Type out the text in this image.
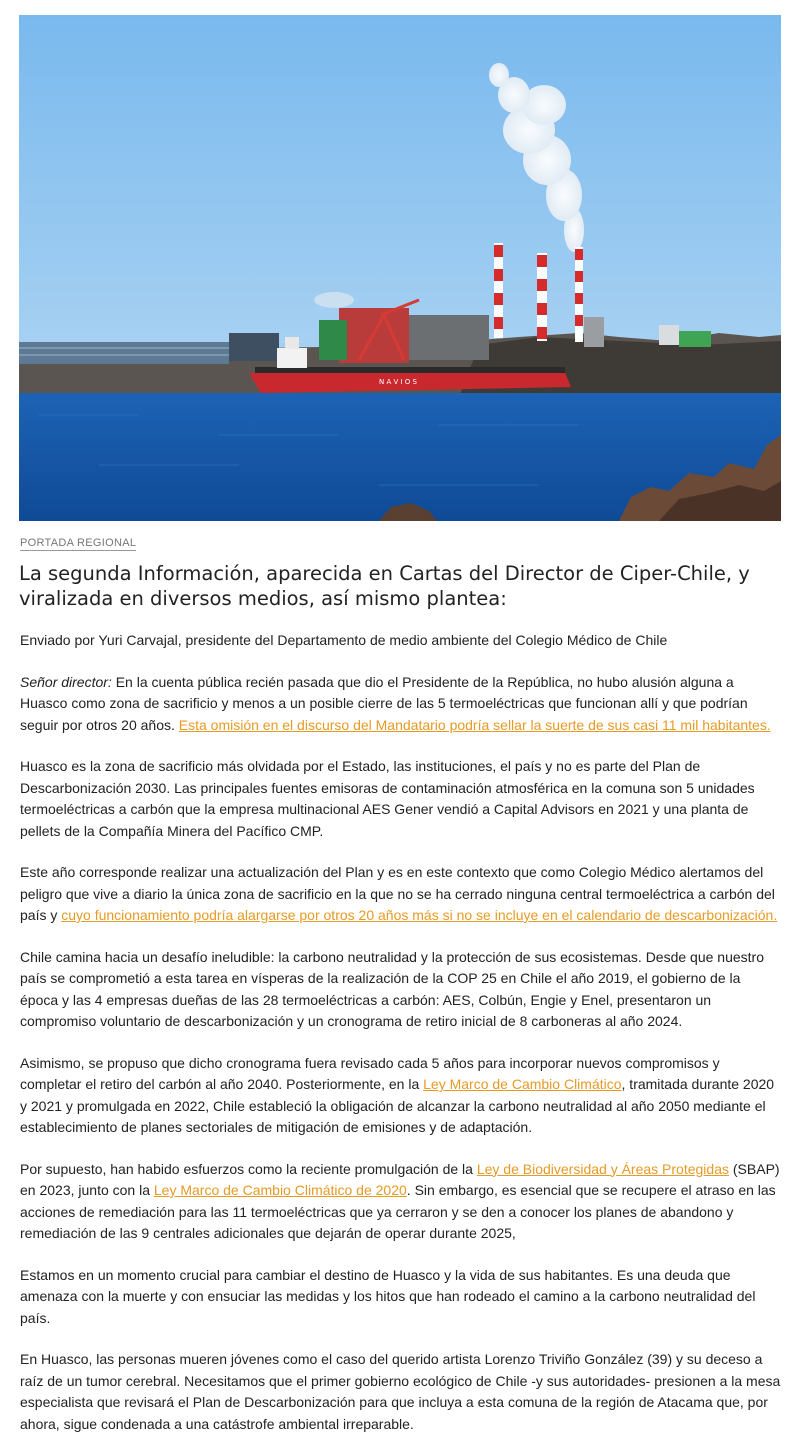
N A V I O S
PORTADA REGIONAL
La segunda Información, aparecida en Cartas del Director de Ciper-Chile, y viralizada en diversos medios, así mismo plantea:

Enviado por Yuri Carvajal, presidente del Departamento de medio ambiente del Colegio Médico de Chile

Señor director: En la cuenta pública recién pasada que dio el Presidente de la República, no hubo alusión alguna a Huasco como zona de sacrificio y menos a un posible cierre de las 5 termoeléctricas que funcionan allí y que podrían seguir por otros 20 años. Esta omisión en el discurso del Mandatario podría sellar la suerte de sus casi 11 mil habitantes.

Huasco es la zona de sacrificio más olvidada por el Estado, las instituciones, el país y no es parte del Plan de Descarbonización 2030. Las principales fuentes emisoras de contaminación atmosférica en la comuna son 5 unidades termoeléctricas a carbón que la empresa multinacional AES Gener vendió a Capital Advisors en 2021 y una planta de pellets de la Compañía Minera del Pacífico CMP.

Este año corresponde realizar una actualización del Plan y es en este contexto que como Colegio Médico alertamos del peligro que vive a diario la única zona de sacrificio en la que no se ha cerrado ninguna central termoeléctrica a carbón del país y cuyo funcionamiento podría alargarse por otros 20 años más si no se incluye en el calendario de descarbonización.

Chile camina hacia un desafío ineludible: la carbono neutralidad y la protección de sus ecosistemas. Desde que nuestro país se comprometió a esta tarea en vísperas de la realización de la COP 25 en Chile el año 2019, el gobierno de la época y las 4 empresas dueñas de las 28 termoeléctricas a carbón: AES, Colbún, Engie y Enel, presentaron un compromiso voluntario de descarbonización y un cronograma de retiro inicial de 8 carboneras al año 2024.

Asimismo, se propuso que dicho cronograma fuera revisado cada 5 años para incorporar nuevos compromisos y completar el retiro del carbón al año 2040. Posteriormente, en la Ley Marco de Cambio Climático, tramitada durante 2020 y 2021 y promulgada en 2022, Chile estableció la obligación de alcanzar la carbono neutralidad al año 2050 mediante el establecimiento de planes sectoriales de mitigación de emisiones y de adaptación.

Por supuesto, han habido esfuerzos como la reciente promulgación de la Ley de Biodiversidad y Áreas Protegidas (SBAP) en 2023, junto con la Ley Marco de Cambio Climático de 2020. Sin embargo, es esencial que se recupere el atraso en las acciones de remediación para las 11 termoeléctricas que ya cerraron y se den a conocer los planes de abandono y remediación de las 9 centrales adicionales que dejarán de operar durante 2025,

Estamos en un momento crucial para cambiar el destino de Huasco y la vida de sus habitantes. Es una deuda que amenaza con la muerte y con ensuciar las medidas y los hitos que han rodeado el camino a la carbono neutralidad del país.

En Huasco, las personas mueren jóvenes como el caso del querido artista Lorenzo Triviño González (39) y su deceso a raíz de un tumor cerebral. Necesitamos que el primer gobierno ecológico de Chile -y sus autoridades- presionen a la mesa especialista que revisará el Plan de Descarbonización para que incluya a esta comuna de la región de Atacama que, por ahora, sigue condenada a una catástrofe ambiental irreparable.
